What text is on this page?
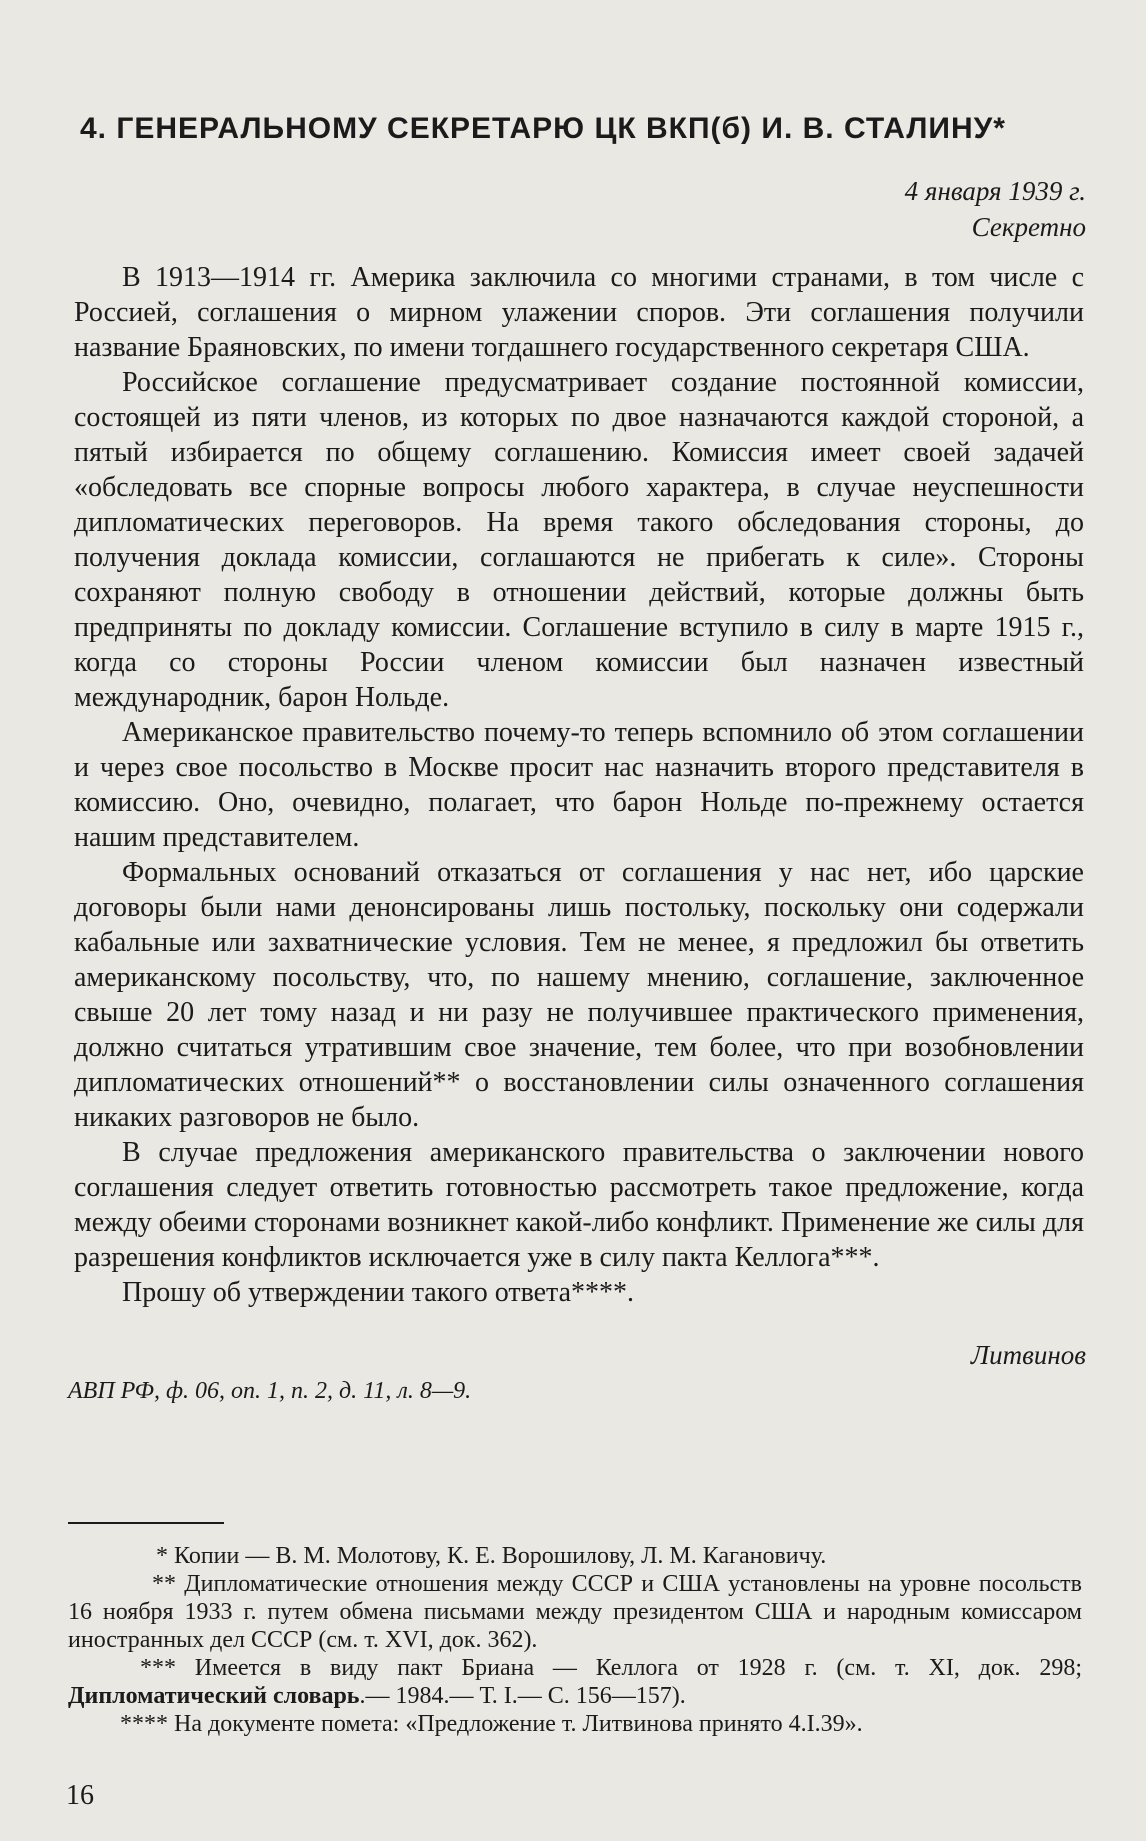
4. ГЕНЕРАЛЬНОМУ СЕКРЕТАРЮ ЦК ВКП(б) И. В. СТАЛИНУ*
4 января 1939 г.
Секретно

В 1913—1914 гг. Америка заключила со многими странами, в том числе с Россией, соглашения о мирном улажении споров. Эти соглашения получили название Браяновских, по имени тогдашнего государственного секретаря США.

Российское соглашение предусматривает создание постоянной комиссии, состоящей из пяти членов, из которых по двое назначаются каждой стороной, а пятый избирается по общему соглашению. Комиссия имеет своей задачей «обследовать все спорные вопросы любого характера, в случае неуспешности дипломатических переговоров. На время такого обследования стороны, до получения доклада комиссии, соглашаются не прибегать к силе». Стороны сохраняют полную свободу в отношении действий, которые должны быть предприняты по докладу комиссии. Соглашение вступило в силу в марте 1915 г., когда со стороны России членом комиссии был назначен известный международник, барон Нольде.

Американское правительство почему-то теперь вспомнило об этом соглашении и через свое посольство в Москве просит нас назначить второго представителя в комиссию. Оно, очевидно, полагает, что барон Нольде по-прежнему остается нашим представителем.

Формальных оснований отказаться от соглашения у нас нет, ибо царские договоры были нами денонсированы лишь постольку, поскольку они содержали кабальные или захватнические условия. Тем не менее, я предложил бы ответить американскому посольству, что, по нашему мнению, соглашение, заключенное свыше 20 лет тому назад и ни разу не получившее практического применения, должно считаться утратившим свое значение, тем более, что при возобновлении дипломатических отношений** о восстановлении силы означенного соглашения никаких разговоров не было.

В случае предложения американского правительства о заключении нового соглашения следует ответить готовностью рассмотреть такое предложение, когда между обеими сторонами возникнет какой-либо конфликт. Применение же силы для разрешения конфликтов исключается уже в силу пакта Келлога***.

Прошу об утверждении такого ответа****.

Литвинов
АВП РФ, ф. 06, оп. 1, п. 2, д. 11, л. 8—9.

* Копии — В. М. Молотову, К. Е. Ворошилову, Л. М. Кагановичу.

** Дипломатические отношения между СССР и США установлены на уровне посольств 16 ноября 1933 г. путем обмена письмами между президентом США и народным комиссаром иностранных дел СССР (см. т. XVI, док. 362).

*** Имеется в виду пакт Бриана — Келлога от 1928 г. (см. т. XI, док. 298; Дипломатический словарь.— 1984.— Т. I.— С. 156—157).

**** На документе помета: «Предложение т. Литвинова принято 4.I.39».

16
